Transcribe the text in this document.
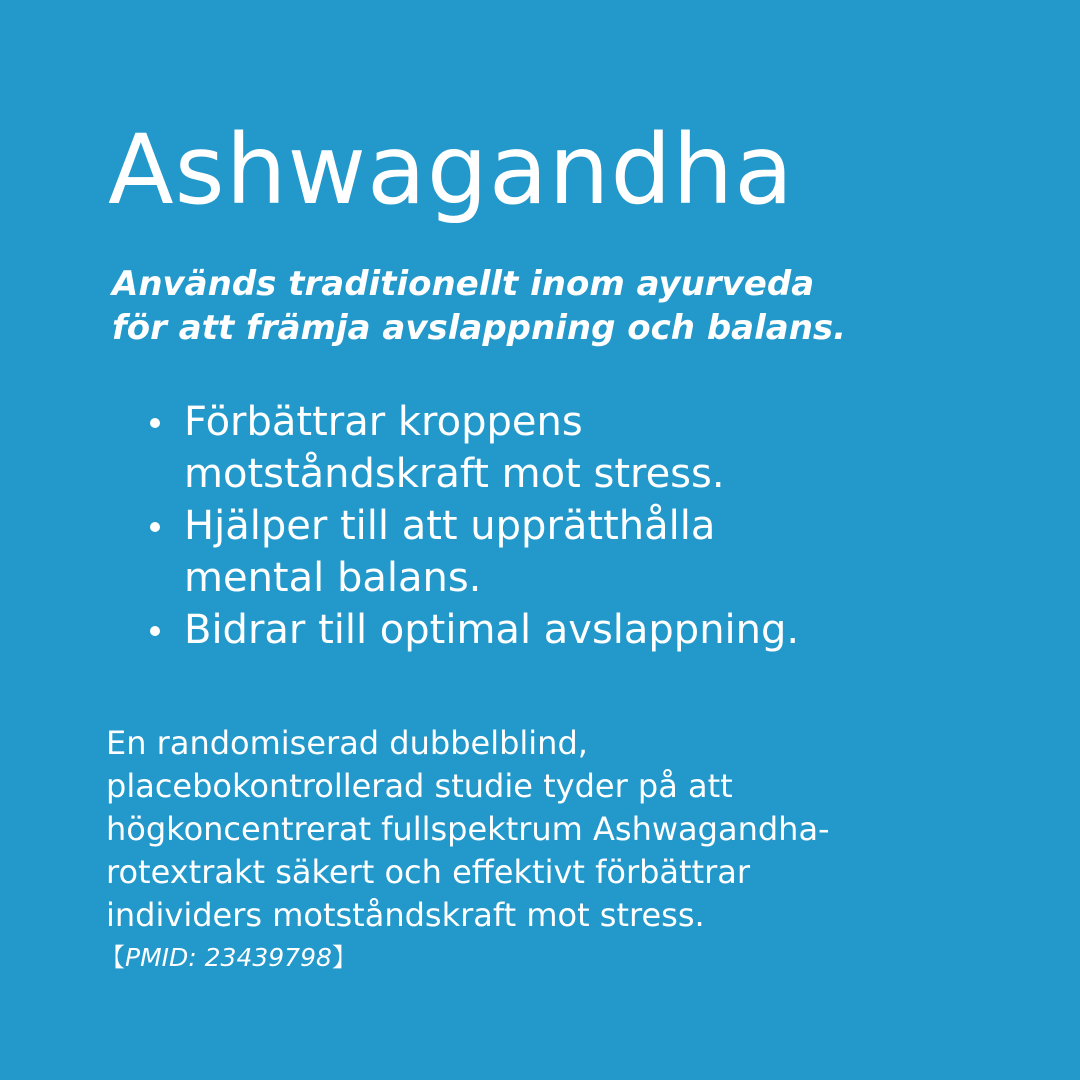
Ashwagandha

Används traditionellt inom ayurveda
för att främja avslappning och balans.

Förbättrar kroppens
motståndskraft mot stress.
Hjälper till att upprätthålla
mental balans.
Bidrar till optimal avslappning.

En randomiserad dubbelblind,
placebokontrollerad studie tyder på att
högkoncentrerat fullspektrum Ashwagandha-
rotextrakt säkert och effektivt förbättrar
individers motståndskraft mot stress.

【PMID: 23439798】
